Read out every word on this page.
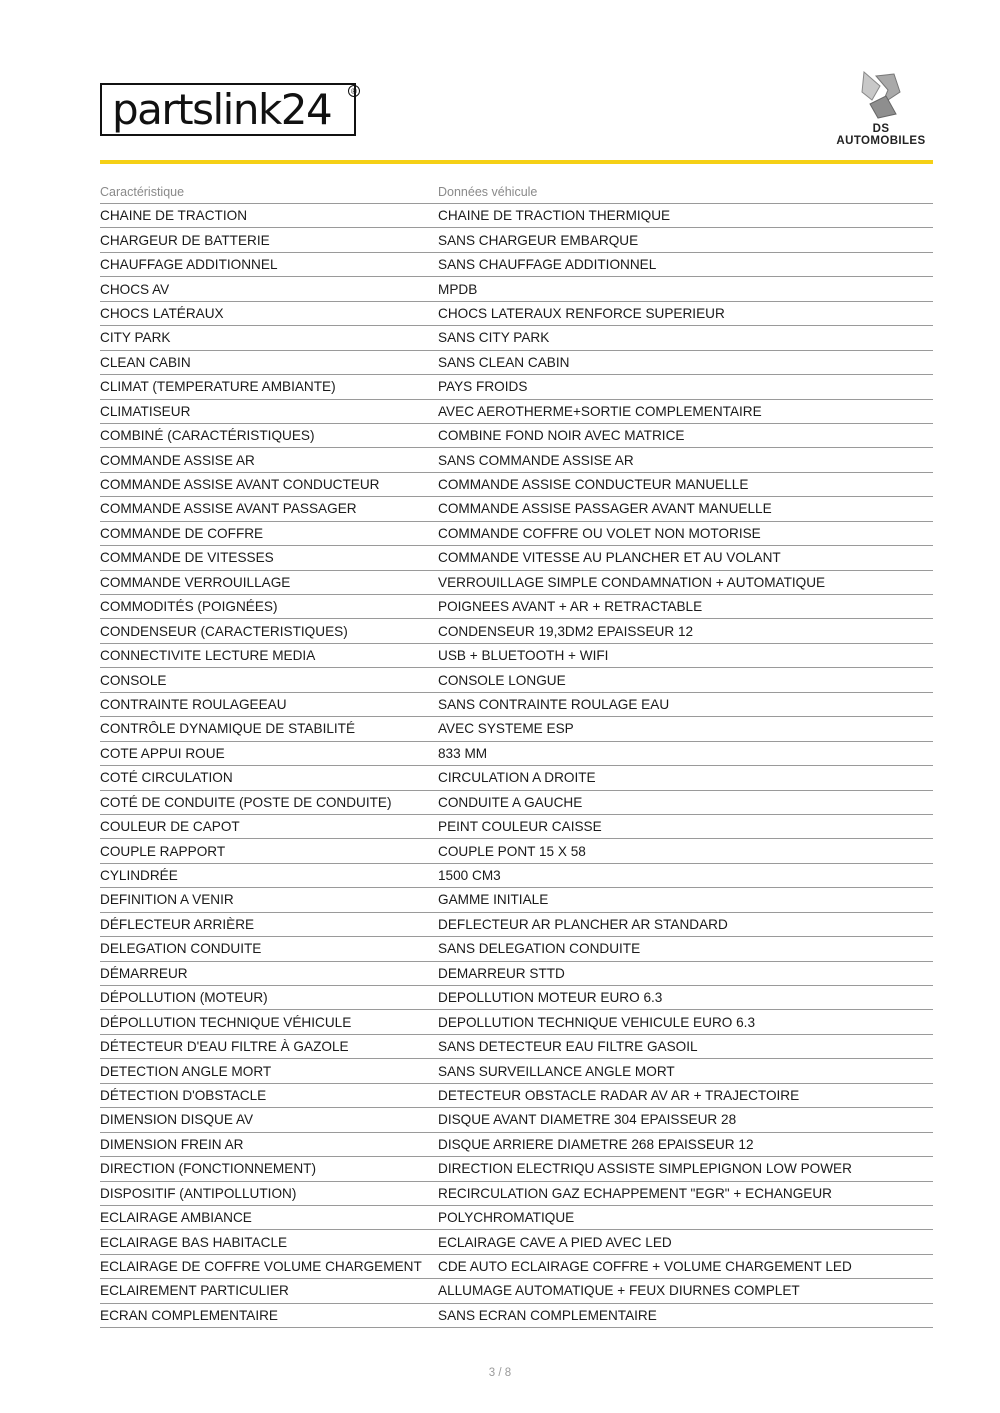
partslink24	®
DS AUTOMOBILES
Caractéristique	Données véhicule
CHAINE DE TRACTION	CHAINE DE TRACTION THERMIQUE
CHARGEUR DE BATTERIE	SANS CHARGEUR EMBARQUE
CHAUFFAGE ADDITIONNEL	SANS CHAUFFAGE ADDITIONNEL
CHOCS AV	MPDB
CHOCS LATÉRAUX	CHOCS LATERAUX RENFORCE SUPERIEUR
CITY PARK	SANS CITY PARK
CLEAN CABIN	SANS CLEAN CABIN
CLIMAT (TEMPERATURE AMBIANTE)	PAYS FROIDS
CLIMATISEUR	AVEC AEROTHERME+SORTIE COMPLEMENTAIRE
COMBINÉ (CARACTÉRISTIQUES)	COMBINE FOND NOIR AVEC MATRICE
COMMANDE ASSISE AR	SANS COMMANDE ASSISE AR
COMMANDE ASSISE AVANT CONDUCTEUR	COMMANDE ASSISE CONDUCTEUR MANUELLE
COMMANDE ASSISE AVANT PASSAGER	COMMANDE ASSISE PASSAGER AVANT MANUELLE
COMMANDE DE COFFRE	COMMANDE COFFRE OU VOLET NON MOTORISE
COMMANDE DE VITESSES	COMMANDE VITESSE AU PLANCHER ET AU VOLANT
COMMANDE VERROUILLAGE	VERROUILLAGE SIMPLE CONDAMNATION + AUTOMATIQUE
COMMODITÉS (POIGNÉES)	POIGNEES AVANT + AR + RETRACTABLE
CONDENSEUR (CARACTERISTIQUES)	CONDENSEUR 19,3DM2 EPAISSEUR 12
CONNECTIVITE LECTURE MEDIA	USB + BLUETOOTH + WIFI
CONSOLE	CONSOLE LONGUE
CONTRAINTE ROULAGEEAU	SANS CONTRAINTE ROULAGE EAU
CONTRÔLE DYNAMIQUE DE STABILITÉ	AVEC SYSTEME ESP
COTE APPUI ROUE	833 MM
COTÉ CIRCULATION	CIRCULATION A DROITE
COTÉ DE CONDUITE (POSTE DE CONDUITE)	CONDUITE A GAUCHE
COULEUR DE CAPOT	PEINT COULEUR CAISSE
COUPLE RAPPORT	COUPLE PONT 15 X 58
CYLINDRÉE	1500 CM3
DEFINITION A VENIR	GAMME INITIALE
DÉFLECTEUR ARRIÈRE	DEFLECTEUR AR PLANCHER AR STANDARD
DELEGATION CONDUITE	SANS DELEGATION CONDUITE
DÉMARREUR	DEMARREUR STTD
DÉPOLLUTION (MOTEUR)	DEPOLLUTION MOTEUR EURO 6.3
DÉPOLLUTION TECHNIQUE VÉHICULE	DEPOLLUTION TECHNIQUE VEHICULE EURO 6.3
DÉTECTEUR D'EAU FILTRE À GAZOLE	SANS DETECTEUR EAU FILTRE GASOIL
DETECTION ANGLE MORT	SANS SURVEILLANCE ANGLE MORT
DÉTECTION D'OBSTACLE	DETECTEUR OBSTACLE RADAR AV AR + TRAJECTOIRE
DIMENSION DISQUE AV	DISQUE AVANT DIAMETRE 304 EPAISSEUR 28
DIMENSION FREIN AR	DISQUE ARRIERE DIAMETRE 268 EPAISSEUR 12
DIRECTION (FONCTIONNEMENT)	DIRECTION ELECTRIQU ASSISTE SIMPLEPIGNON LOW POWER
DISPOSITIF (ANTIPOLLUTION)	RECIRCULATION GAZ ECHAPPEMENT "EGR" + ECHANGEUR
ECLAIRAGE AMBIANCE	POLYCHROMATIQUE
ECLAIRAGE BAS HABITACLE	ECLAIRAGE CAVE A PIED AVEC LED
ECLAIRAGE DE COFFRE VOLUME CHARGEMENT	CDE AUTO ECLAIRAGE COFFRE + VOLUME CHARGEMENT LED
ECLAIREMENT PARTICULIER	ALLUMAGE AUTOMATIQUE + FEUX DIURNES COMPLET
ECRAN COMPLEMENTAIRE	SANS ECRAN COMPLEMENTAIRE
3 / 8
